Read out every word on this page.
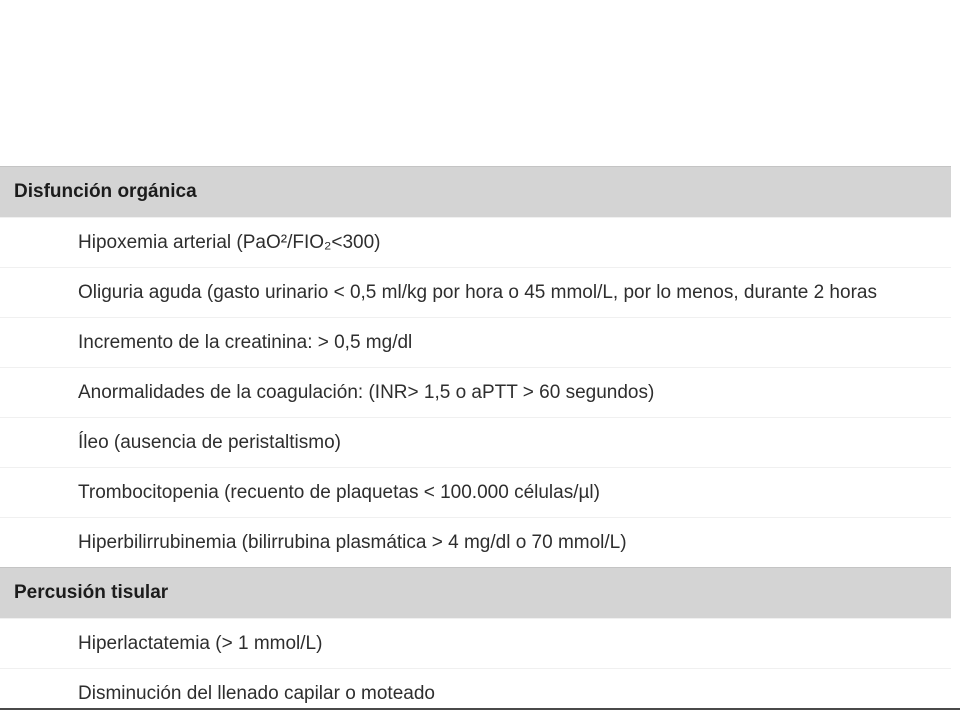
Disfunción orgánica
Hipoxemia arterial (PaO²/FIO₂<300)
Oliguria aguda (gasto urinario < 0,5 ml/kg por hora o 45 mmol/L, por lo menos, durante 2 horas
Incremento de la creatinina: > 0,5 mg/dl
Anormalidades de la coagulación: (INR> 1,5 o aPTT > 60 segundos)
Íleo (ausencia de peristaltismo)
Trombocitopenia (recuento de plaquetas < 100.000 células/µl)
Hiperbilirrubinemia (bilirrubina plasmática > 4 mg/dl o 70 mmol/L)
Percusión tisular
Hiperlactatemia (> 1 mmol/L)
Disminución del llenado capilar o moteado
